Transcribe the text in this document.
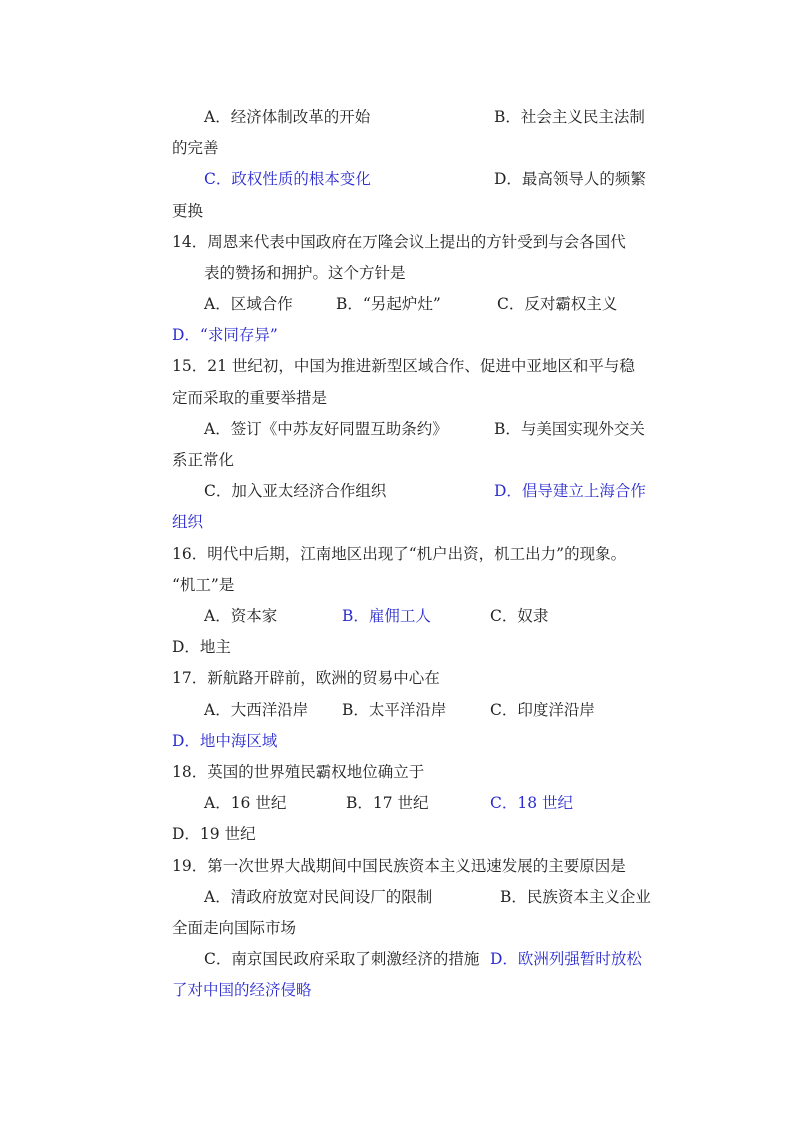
A．经济体制改革的开始	B．社会主义民主法制
的完善
C．政权性质的根本变化	D．最高领导人的频繁
更换
14．周恩来代表中国政府在万隆会议上提出的方针受到与会各国代
表的赞扬和拥护。这个方针是
A．区域合作	B．“另起炉灶”	C．反对霸权主义
D．“求同存异”
15．21 世纪初，中国为推进新型区域合作、促进中亚地区和平与稳
定而采取的重要举措是
A．签订《中苏友好同盟互助条约》	B．与美国实现外交关
系正常化
C．加入亚太经济合作组织	D．倡导建立上海合作
组织
16．明代中后期，江南地区出现了“机户出资，机工出力”的现象。
“机工”是
A．资本家	B．雇佣工人	C．奴隶
D．地主
17．新航路开辟前，欧洲的贸易中心在
A．大西洋沿岸 B．太平洋沿岸	C．印度洋沿岸
D．地中海区域
18．英国的世界殖民霸权地位确立于
A．16 世纪	B．17 世纪	C．18 世纪
D．19 世纪
19．第一次世界大战期间中国民族资本主义迅速发展的主要原因是
A．清政府放宽对民间设厂的限制	B．民族资本主义企业
全面走向国际市场
C．南京国民政府采取了刺激经济的措施 D．欧洲列强暂时放松
了对中国的经济侵略
